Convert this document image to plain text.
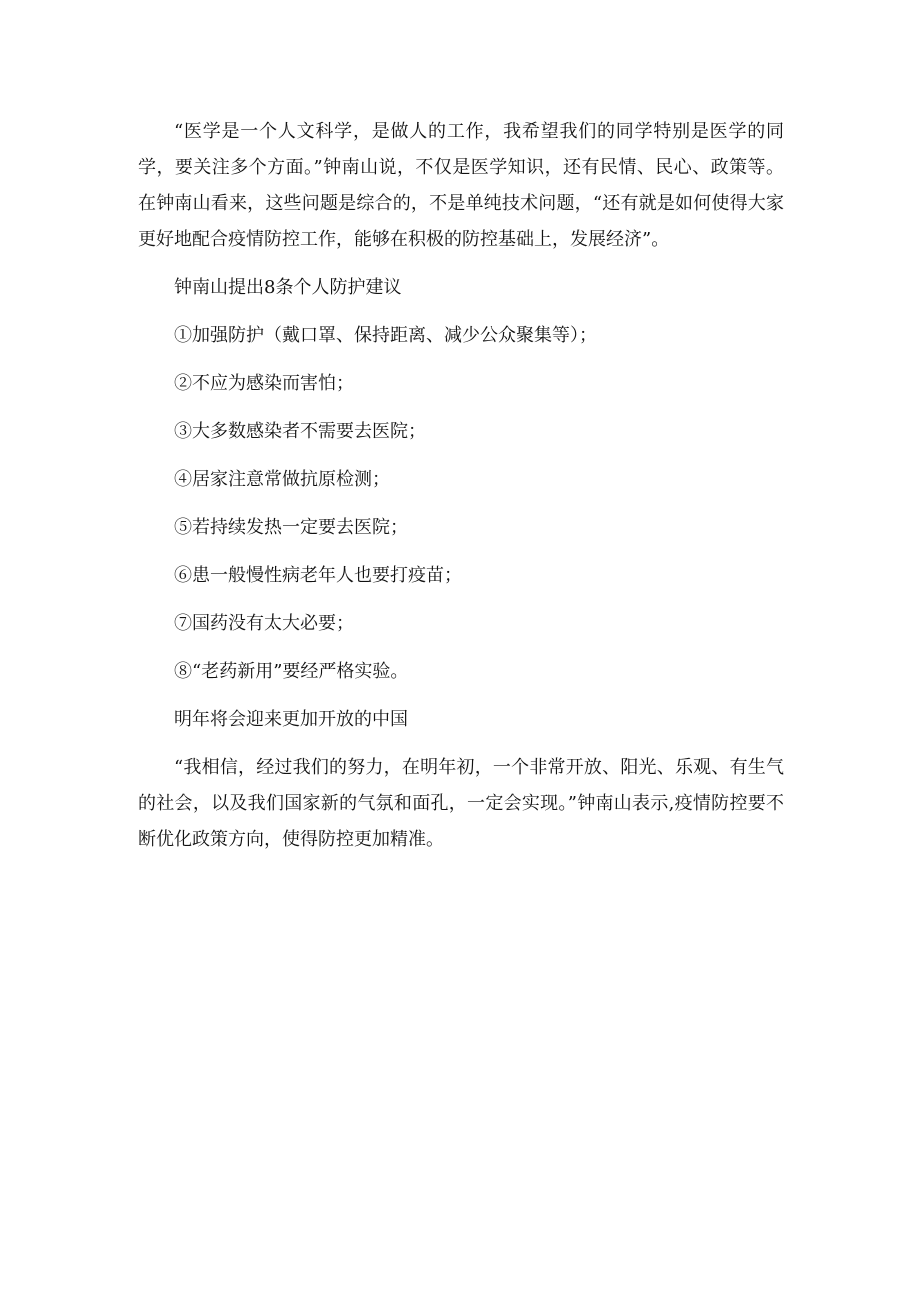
“医学是一个人文科学，是做人的工作，我希望我们的同学特别是医学的同学，要关注多个方面。”钟南山说，不仅是医学知识，还有民情、民心、政策等。在钟南山看来，这些问题是综合的，不是单纯技术问题，“还有就是如何使得大家更好地配合疫情防控工作，能够在积极的防控基础上，发展经济”。

钟南山提出8条个人防护建议

①加强防护（戴口罩、保持距离、减少公众聚集等）；

②不应为感染而害怕；

③大多数感染者不需要去医院；

④居家注意常做抗原检测；

⑤若持续发热一定要去医院；

⑥患一般慢性病老年人也要打疫苗；

⑦国药没有太大必要；

⑧“老药新用”要经严格实验。

明年将会迎来更加开放的中国

“我相信，经过我们的努力，在明年初，一个非常开放、阳光、乐观、有生气的社会，以及我们国家新的气氛和面孔，一定会实现。”钟南山表示,疫情防控要不断优化政策方向，使得防控更加精准。
